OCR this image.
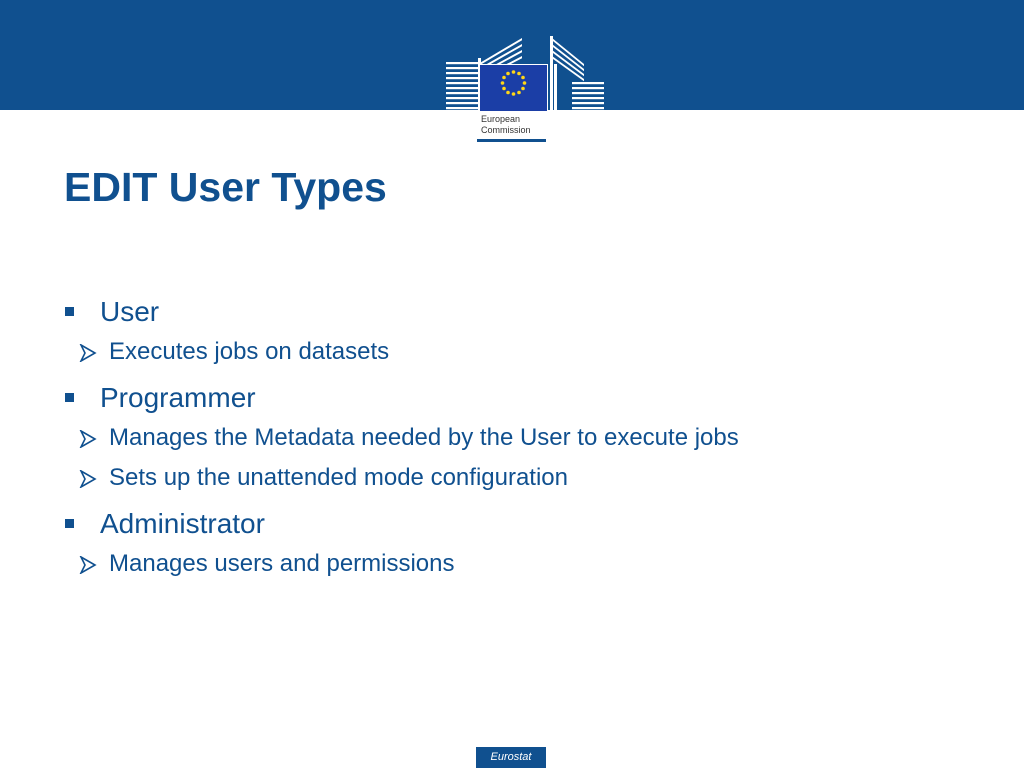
European
Commission
EDIT User Types
User
Executes jobs on datasets
Programmer
Manages the Metadata needed by the User to execute jobs
Sets up the unattended mode configuration
Administrator
Manages users and permissions
Eurostat
